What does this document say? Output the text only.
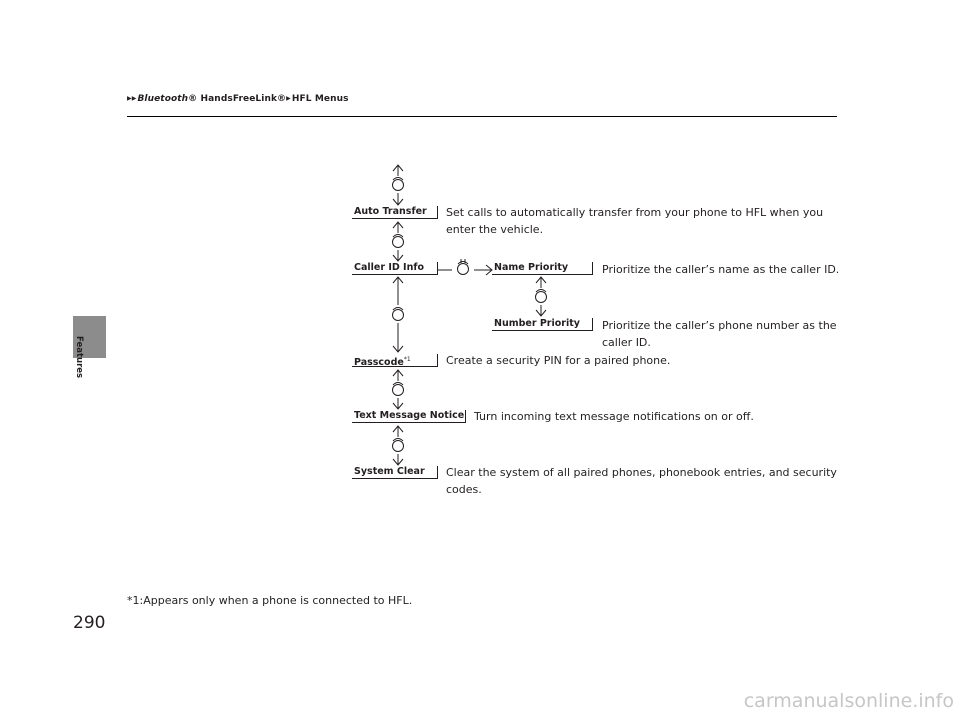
▶▶Bluetooth® HandsFreeLink®▶HFL Menus
Features
Auto Transfer	Set calls to automatically transfer from your phone to HFL when you
enter the vehicle.
Caller ID Info	Name Priority	Prioritize the caller’s name as the caller ID.
Number Priority	Prioritize the caller’s phone number as the
caller ID.
Passcode$^{*1}$	Create a security PIN for a paired phone.
Text Message Notice Turn incoming text message notifications on or off.
System Clear	Clear the system of all paired phones, phonebook entries, and security
codes.
*1:Appears only when a phone is connected to HFL.
290
carmanualsonline.info
